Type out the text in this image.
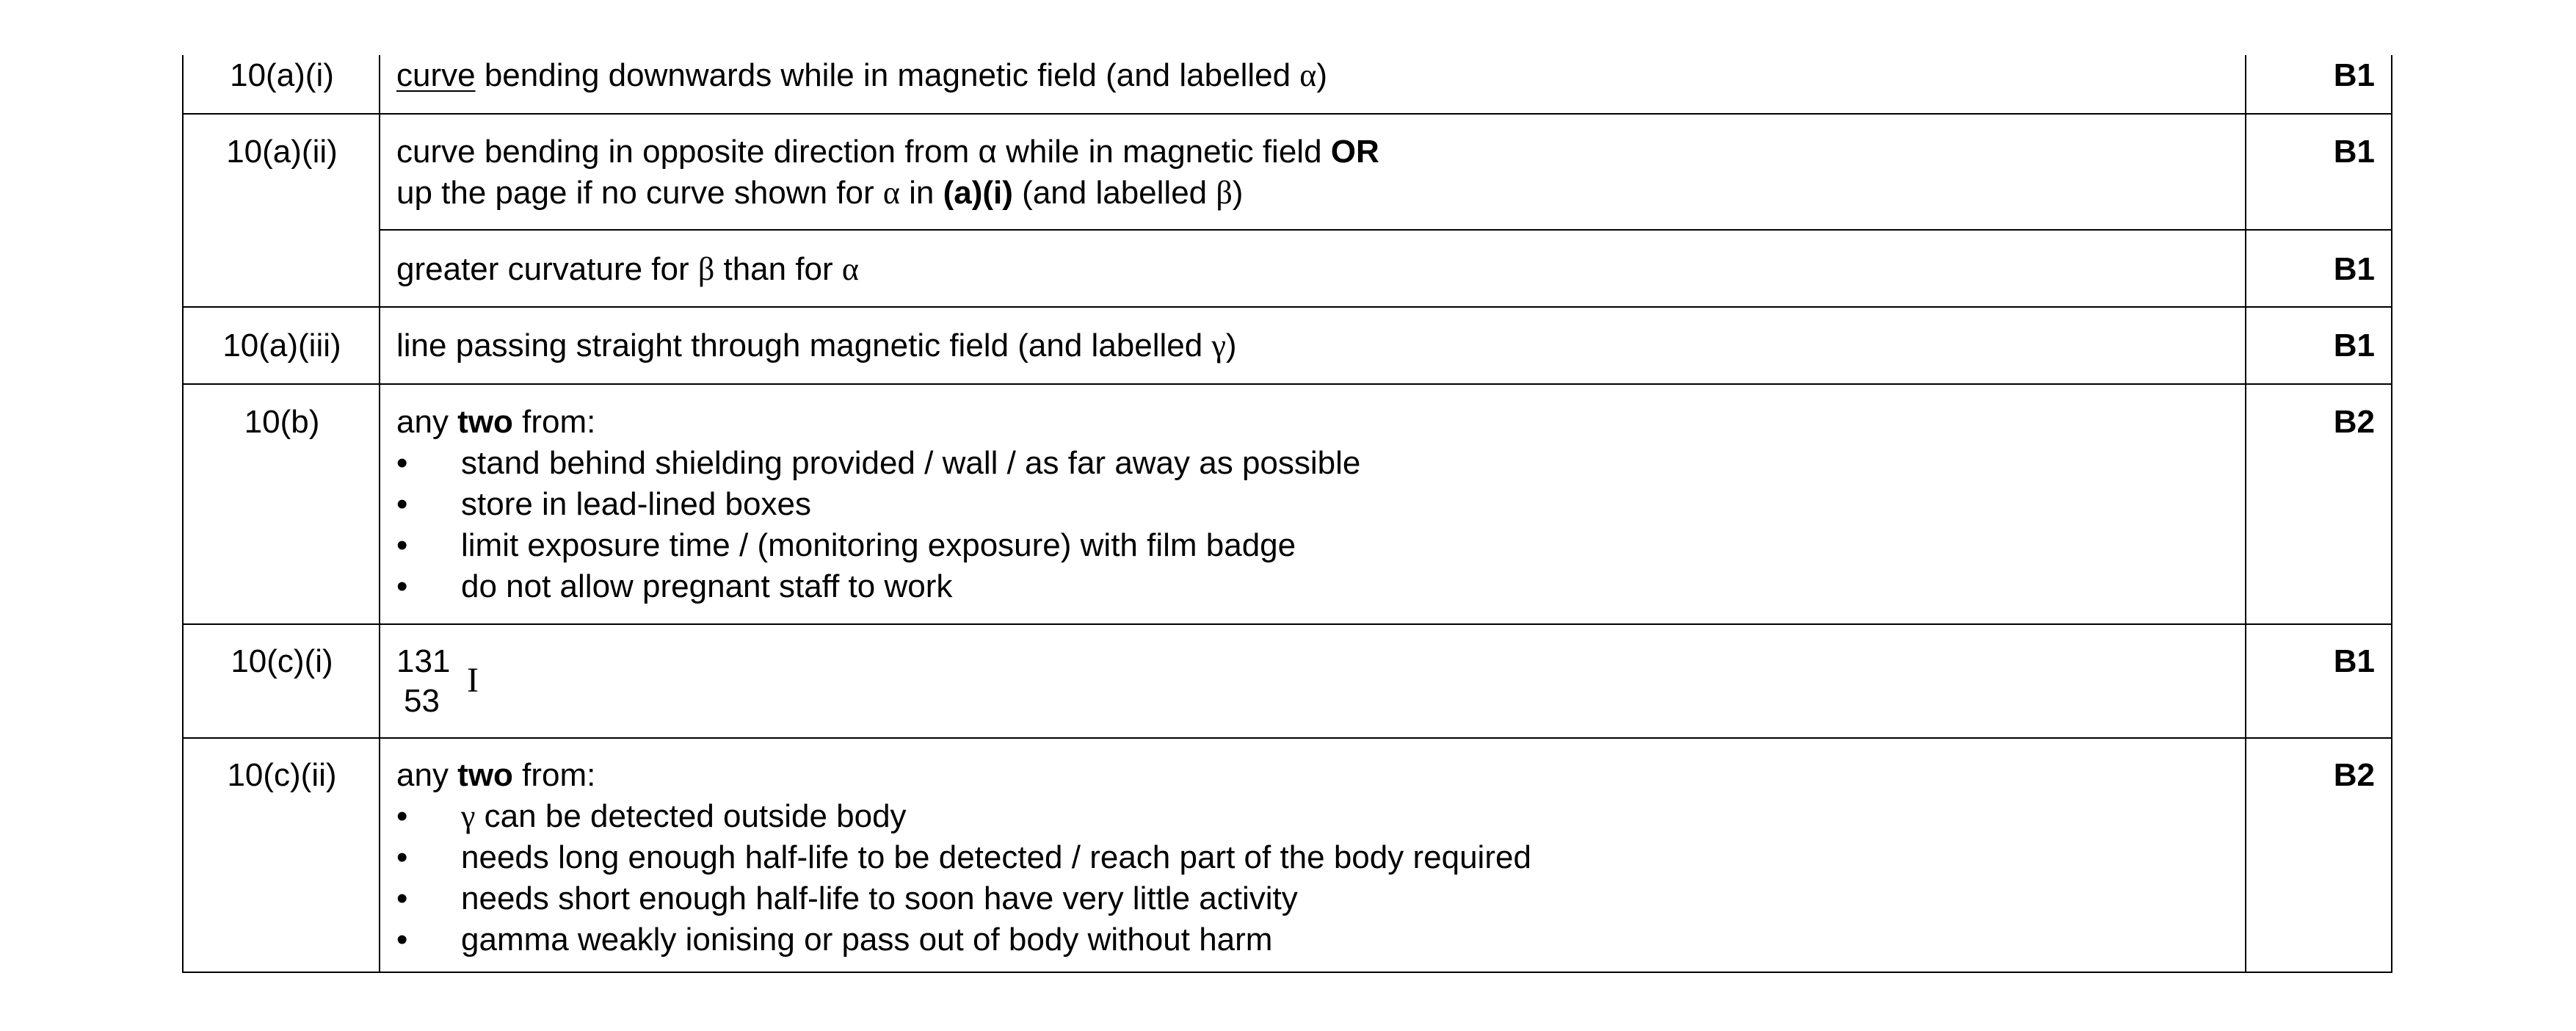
10(a)(i)	curve bending downwards while in magnetic field (and labelled α)	B1
10(a)(ii)	curve bending in opposite direction from α while in magnetic field OR
up the page if no curve shown for α in (a)(i) (and labelled β)
B1
greater curvature for β than for α	B1
10(a)(iii)	line passing straight through magnetic field (and labelled γ)	B1
10(b)	any two from:
•	stand behind shielding provided / wall / as far away as possible
•	store in lead-lined boxes
•	limit exposure time / (monitoring exposure) with film badge
•	do not allow pregnant staff to work
B2
10(c)(i)	131
53
I	B1
10(c)(ii)	any two from:
•	γ can be detected outside body
•	needs long enough half-life to be detected / reach part of the body required
•	needs short enough half-life to soon have very little activity
•	gamma weakly ionising or pass out of body without harm
B2
